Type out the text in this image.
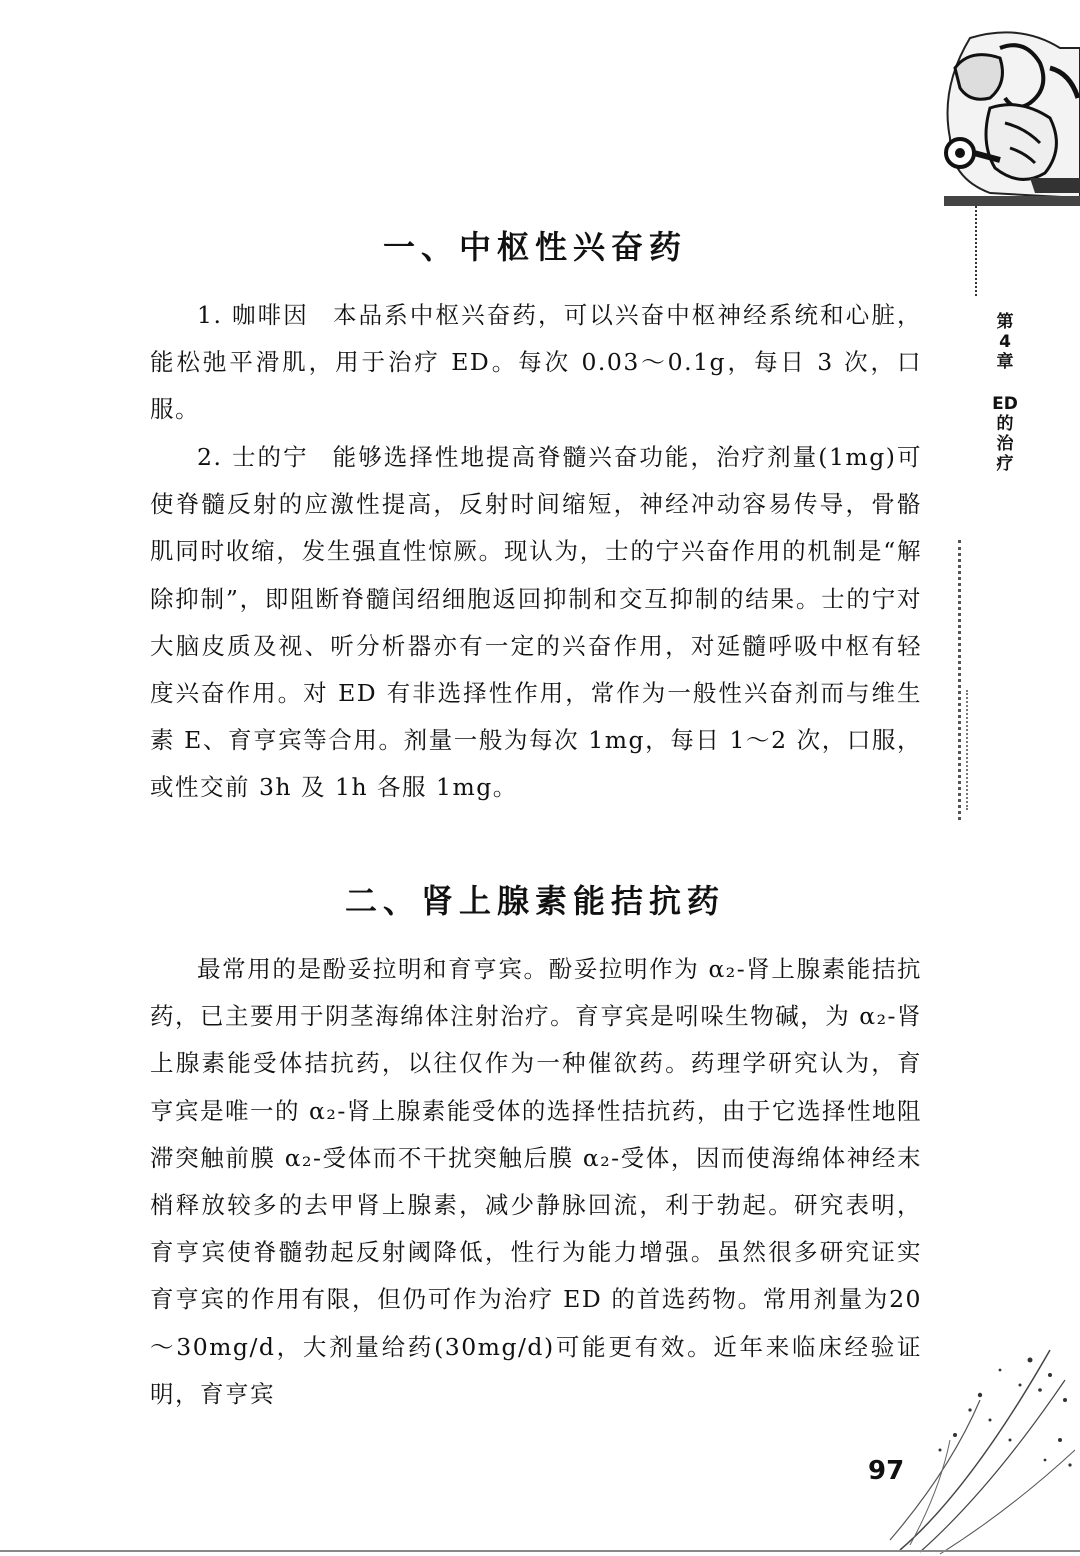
第
4
章
ED
的
治
疗
一、中枢性兴奋药

1. 咖啡因 本品系中枢兴奋药，可以兴奋中枢神经系统和心脏，能松弛平滑肌，用于治疗 ED。每次 0.03～0.1g，每日 3 次，口服。

2. 士的宁 能够选择性地提高脊髓兴奋功能，治疗剂量(1mg)可使脊髓反射的应激性提高，反射时间缩短，神经冲动容易传导，骨骼肌同时收缩，发生强直性惊厥。现认为，士的宁兴奋作用的机制是“解除抑制”，即阻断脊髓闰绍细胞返回抑制和交互抑制的结果。士的宁对大脑皮质及视、听分析器亦有一定的兴奋作用，对延髓呼吸中枢有轻度兴奋作用。对 ED 有非选择性作用，常作为一般性兴奋剂而与维生素 E、育亨宾等合用。剂量一般为每次 1mg，每日 1～2 次，口服，或性交前 3h 及 1h 各服 1mg。

二、肾上腺素能拮抗药

最常用的是酚妥拉明和育亨宾。酚妥拉明作为 α₂-肾上腺素能拮抗药，已主要用于阴茎海绵体注射治疗。育亨宾是吲哚生物碱，为 α₂-肾上腺素能受体拮抗药，以往仅作为一种催欲药。药理学研究认为，育亨宾是唯一的 α₂-肾上腺素能受体的选择性拮抗药，由于它选择性地阻滞突触前膜 α₂-受体而不干扰突触后膜 α₂-受体，因而使海绵体神经末梢释放较多的去甲肾上腺素，减少静脉回流，利于勃起。研究表明，育亨宾使脊髓勃起反射阈降低，性行为能力增强。虽然很多研究证实育亨宾的作用有限，但仍可作为治疗 ED 的首选药物。常用剂量为20～30mg/d，大剂量给药(30mg/d)可能更有效。近年来临床经验证明，育亨宾

97
